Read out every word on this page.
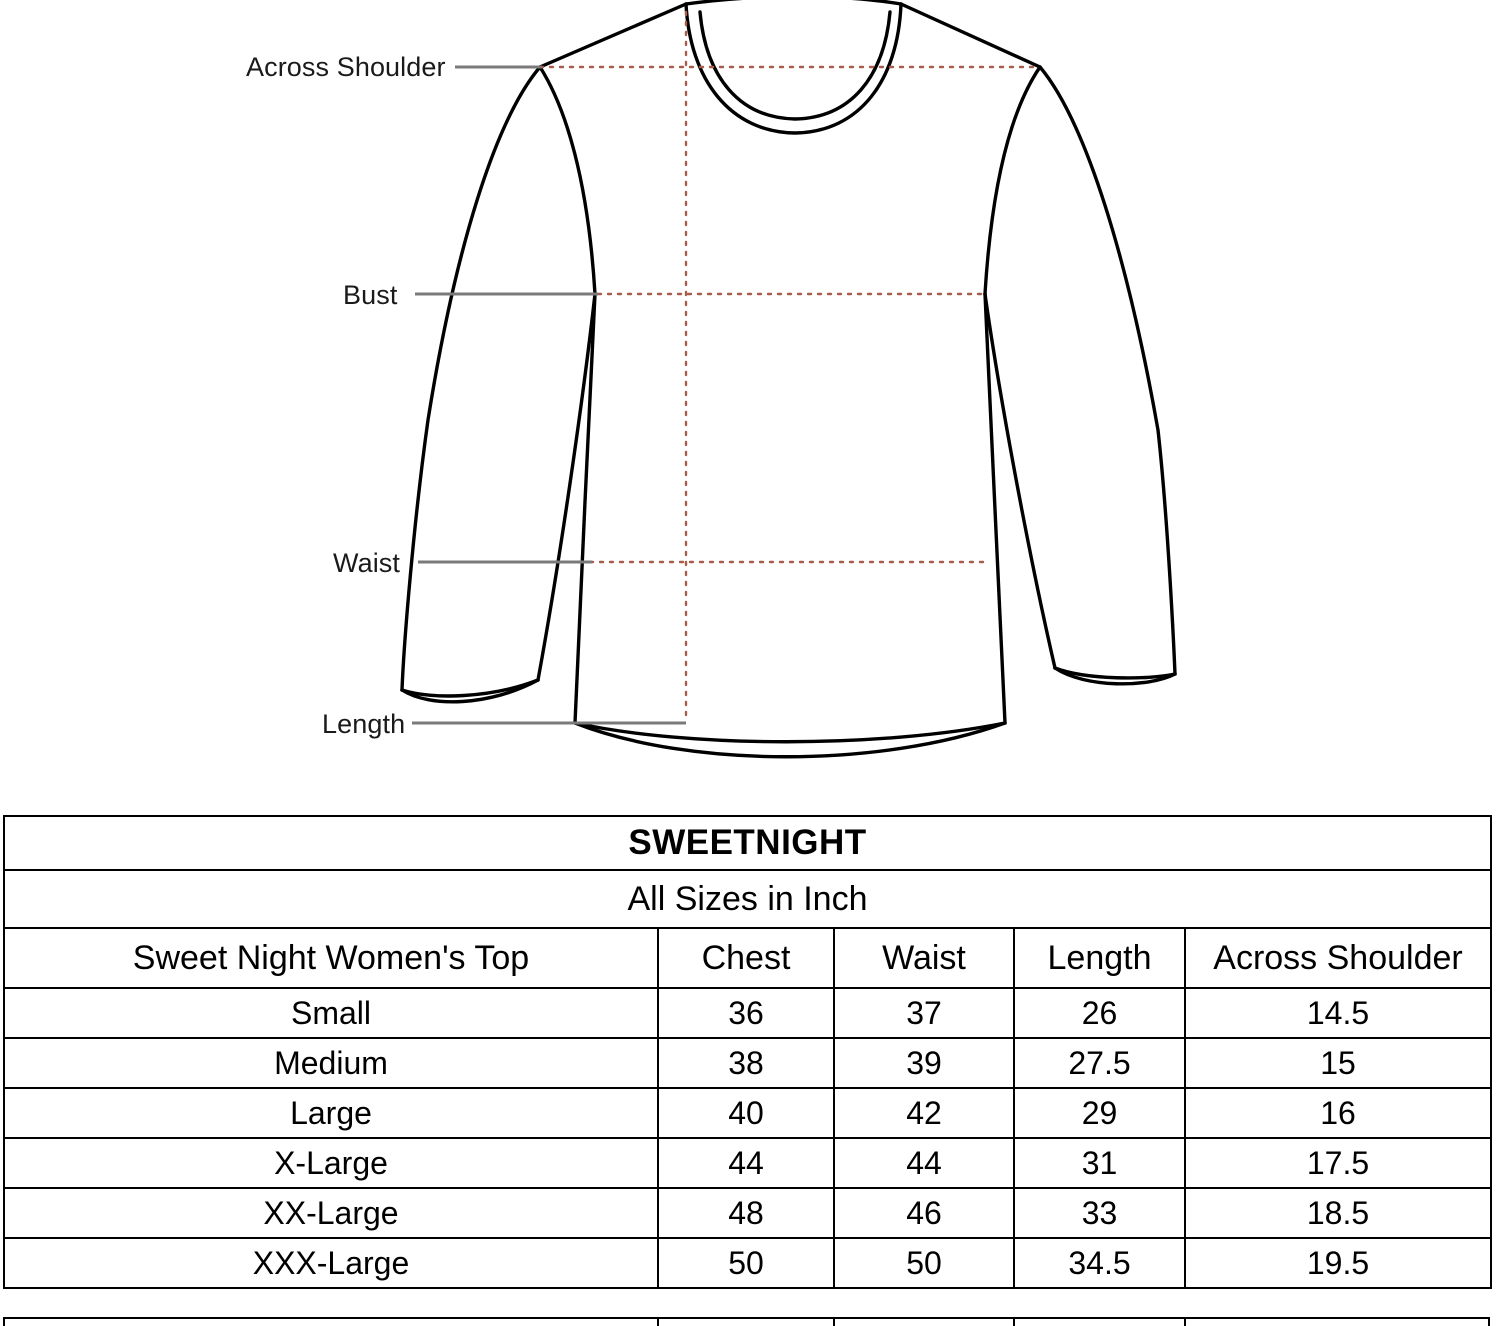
Across Shoulder
Bust
Waist
Length
SWEETNIGHT				
All Sizes in Inch				
Sweet Night Women's Top	Chest	Waist	Length	Across Shoulder
Small	36	37	26	14.5
Medium	38	39	27.5	15
Large	40	42	29	16
X-Large	44	44	31	17.5
XX-Large	48	46	33	18.5
XXX-Large	50	50	34.5	19.5
